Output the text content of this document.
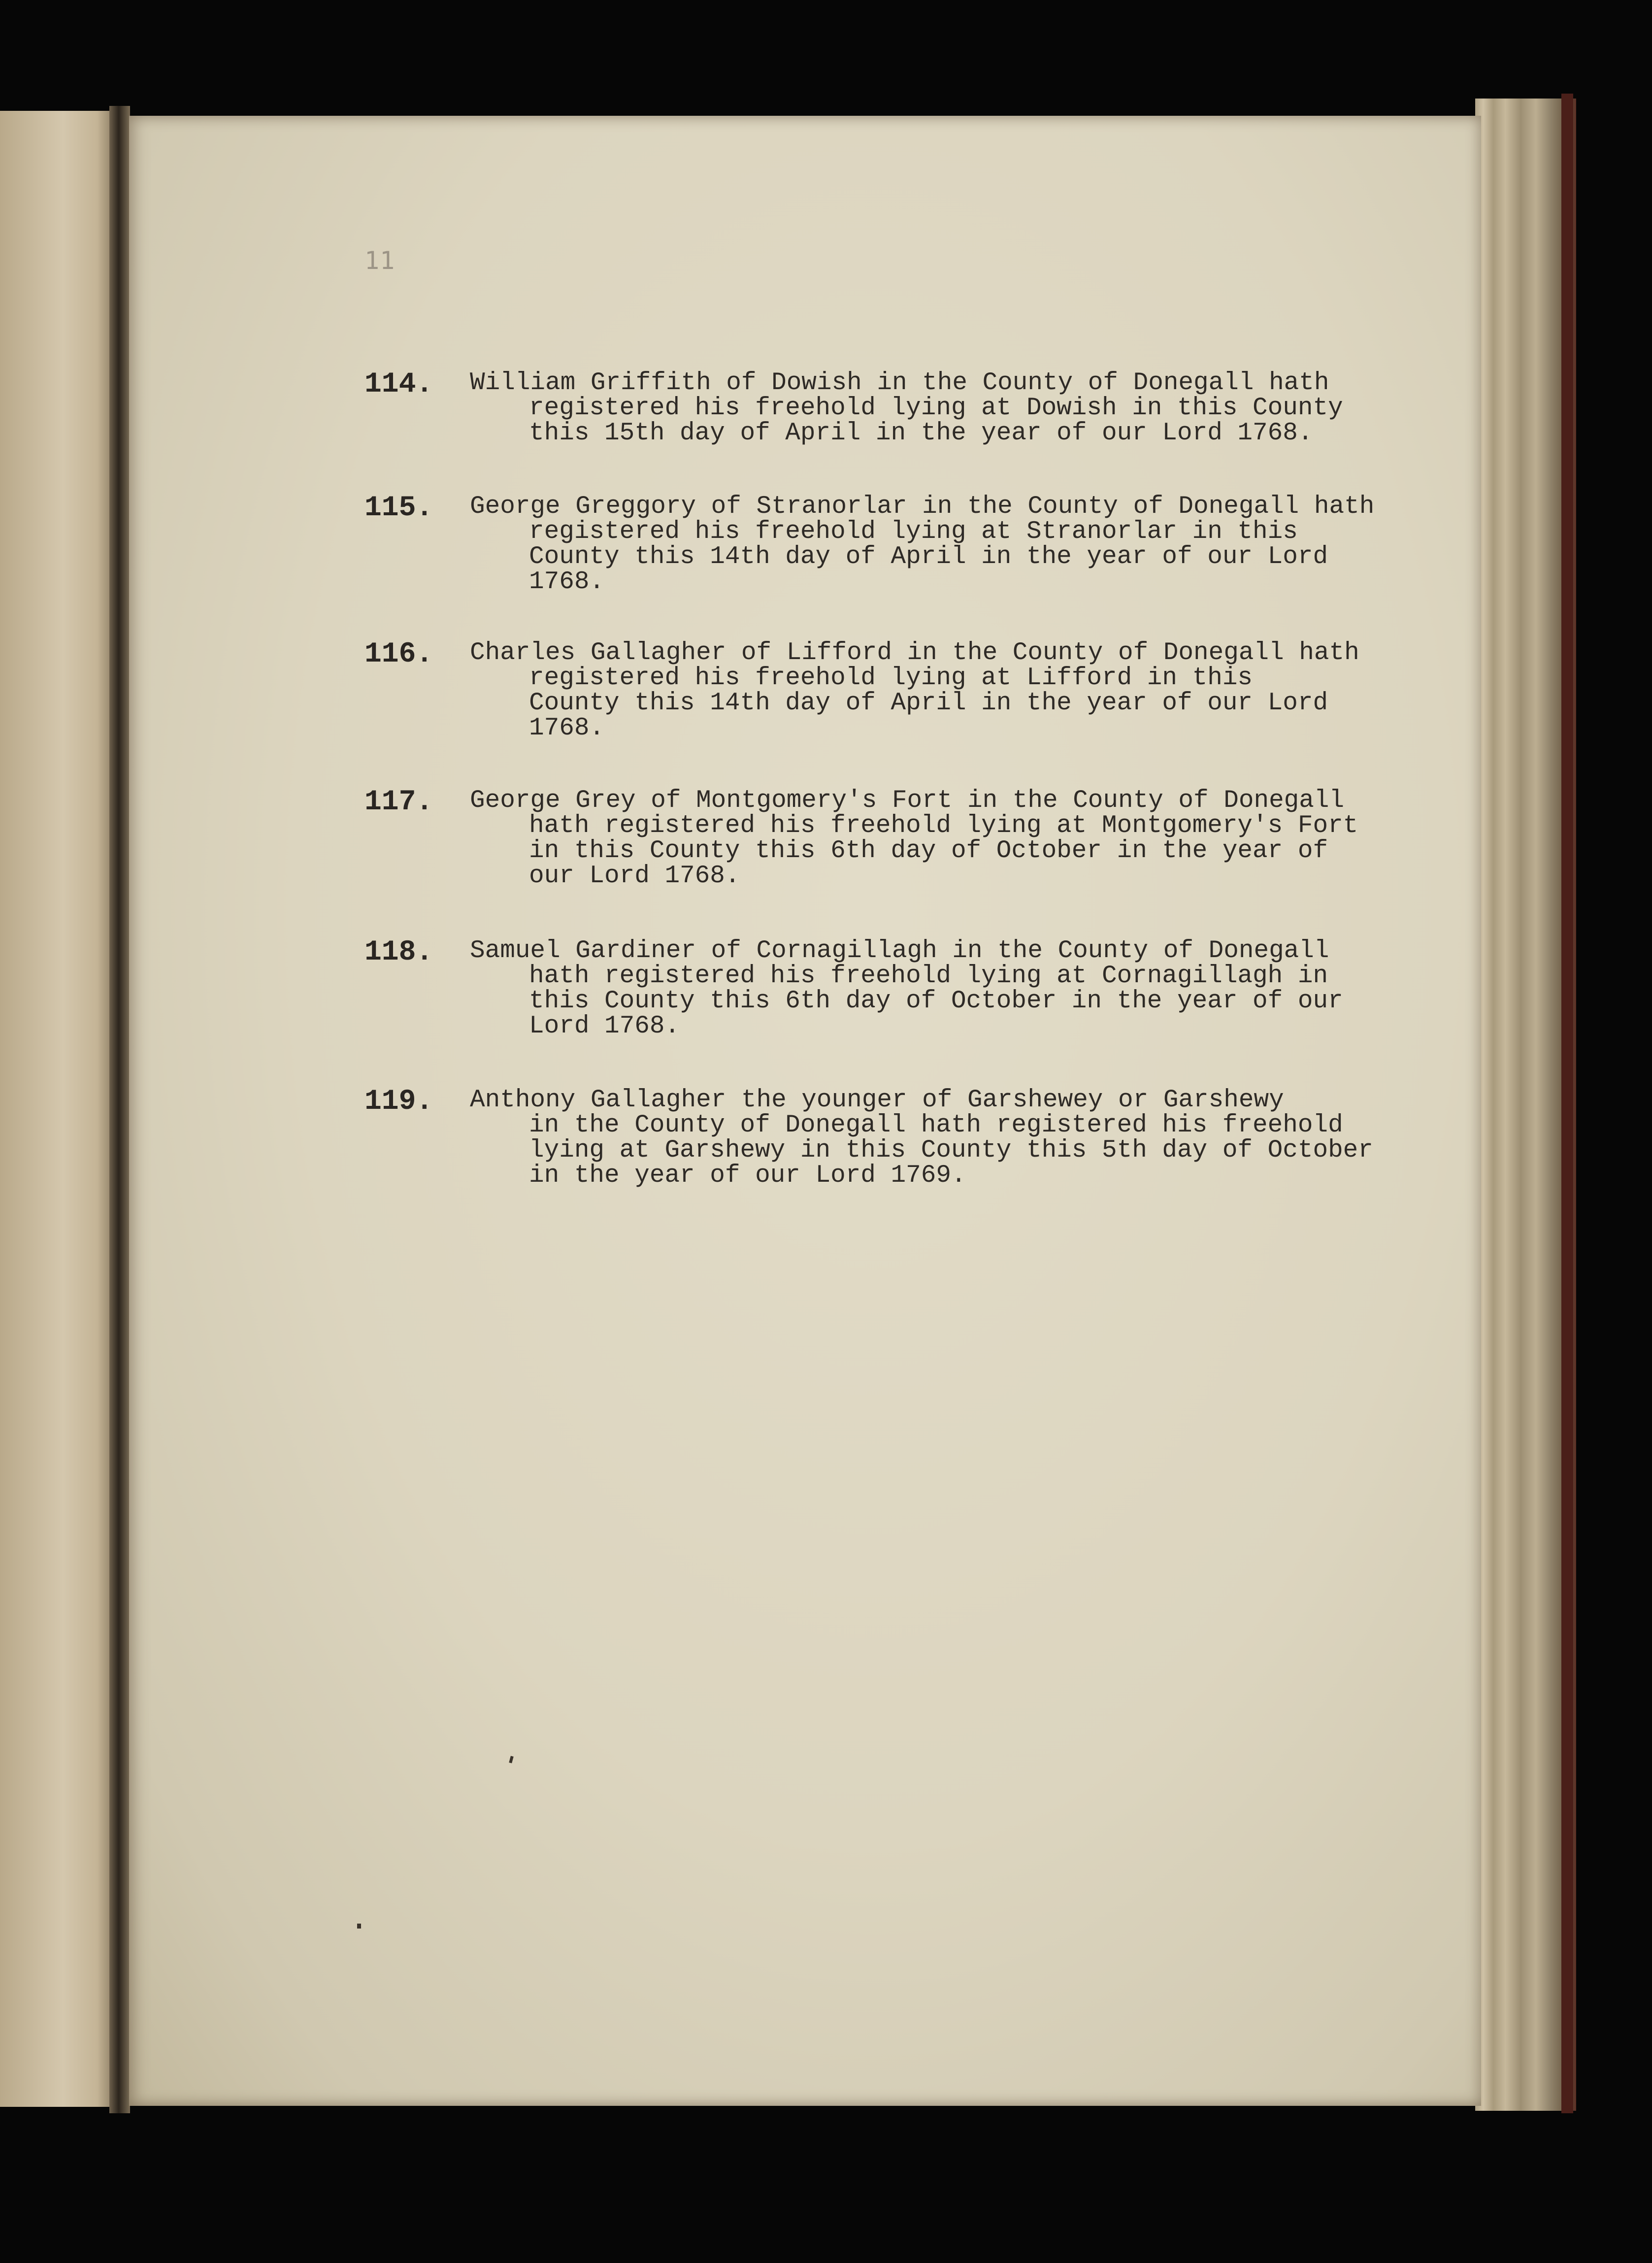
11
114. William Griffith of Dowish in the County of Donegall hath
registered his freehold lying at Dowish in this County
this 15th day of April in the year of our Lord 1768.
115. George Greggory of Stranorlar in the County of Donegall hath
registered his freehold lying at Stranorlar in this
County this 14th day of April in the year of our Lord
1768.
116. Charles Gallagher of Lifford in the County of Donegall hath
registered his freehold lying at Lifford in this
County this 14th day of April in the year of our Lord
1768.
117. George Grey of Montgomery's Fort in the County of Donegall
hath registered his freehold lying at Montgomery's Fort
in this County this 6th day of October in the year of
our Lord 1768.
118. Samuel Gardiner of Cornagillagh in the County of Donegall
hath registered his freehold lying at Cornagillagh in
this County this 6th day of October in the year of our
Lord 1768.
119. Anthony Gallagher the younger of Garshewey or Garshewy
in the County of Donegall hath registered his freehold
lying at Garshewy in this County this 5th day of October
in the year of our Lord 1769.
